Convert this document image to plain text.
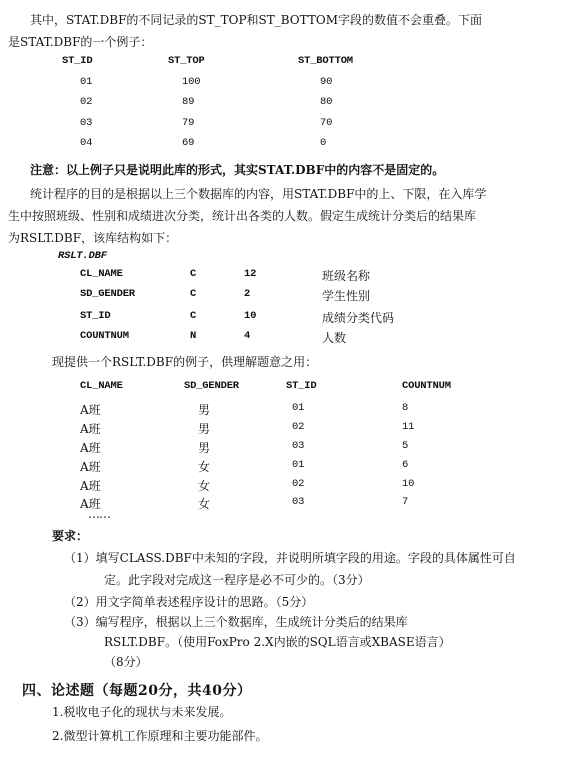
其中，STAT.DBF的不同记录的ST_TOP和ST_BOTTOM字段的数值不会重叠。下面
是STAT.DBF的一个例子：
ST_ID	ST_TOP	ST_BOTTOM
01	100	90
02	89	80
03	79	70
04	69	0
注意：以上例子只是说明此库的形式，其实STAT.DBF中的内容不是固定的。
统计程序的目的是根据以上三个数据库的内容，用STAT.DBF中的上、下限，在入库学
生中按照班级、性别和成绩进次分类，统计出各类的人数。假定生成统计分类后的结果库
为RSLT.DBF，该库结构如下：
RSLT.DBF
CL_NAME	C	12	班级名称
SD_GENDER	C	2	学生性别
ST_ID	C	10	成绩分类代码
COUNTNUM	N	4	人数
现提供一个RSLT.DBF的例子，供理解题意之用：
CL_NAME	SD_GENDER	ST_ID	COUNTNUM
A班	男	01	8
A班	男	02	11
A班	男	03	5
A班	女	01	6
A班	女	02	10
A班	女	03	7
……
要求：
（1）填写CLASS.DBF中未知的字段，并说明所填字段的用途。字段的具体属性可自
定。此字段对完成这一程序是必不可少的。（3分）
（2）用文字简单表述程序设计的思路。（5分）
（3）编写程序，根据以上三个数据库，生成统计分类后的结果库
RSLT.DBF。（使用FoxPro 2.X内嵌的SQL语言或XBASE语言）
（8分）
四、论述题（每题20分，共40分）
1.税收电子化的现状与未来发展。
2.微型计算机工作原理和主要功能部件。
